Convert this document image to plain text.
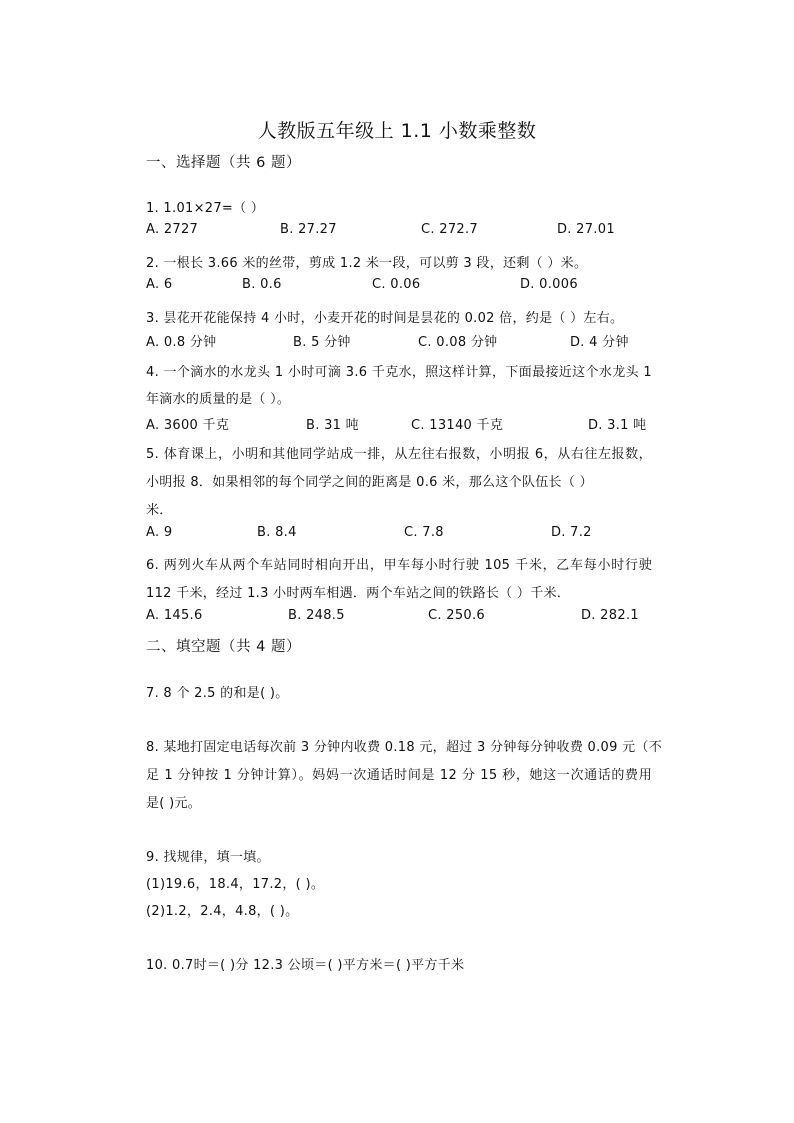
人教版五年级上 1.1 小数乘整数
一、选择题（共 6 题）
1. 1.01×27=（ ）
A. 2727	B. 27.27	C. 272.7	D. 27.01
2. 一根长 3.66 米的丝带，剪成 1.2 米一段，可以剪 3 段，还剩（ ）米。
A. 6	B. 0.6	C. 0.06	D. 0.006
3. 昙花开花能保持 4 小时，小麦开花的时间是昙花的 0.02 倍，约是（ ）左右。
A. 0.8 分钟	B. 5 分钟	C. 0.08 分钟	D. 4 分钟
4. 一个滴水的水龙头 1 小时可滴 3.6 千克水，照这样计算，下面最接近这个水龙头 1
年滴水的质量的是（ ）。
A. 3600 千克	B. 31 吨	C. 13140 千克	D. 3.1 吨
5. 体育课上，小明和其他同学站成一排，从左往右报数，小明报 6，从右往左报数，
小明报 8．如果相邻的每个同学之间的距离是 0.6 米，那么这个队伍长（ ）
米．
A. 9	B. 8.4	C. 7.8	D. 7.2
6. 两列火车从两个车站同时相向开出，甲车每小时行驶 105 千米，乙车每小时行驶
112 千米，经过 1.3 小时两车相遇．两个车站之间的铁路长（ ）千米．
A. 145.6	B. 248.5	C. 250.6	D. 282.1
二、填空题（共 4 题）
7. 8 个 2.5 的和是( )。
8. 某地打固定电话每次前 3 分钟内收费 0.18 元，超过 3 分钟每分钟收费 0.09 元（不
足 1 分钟按 1 分钟计算）。妈妈一次通话时间是 12 分 15 秒，她这一次通话的费用
是( )元。
9. 找规律，填一填。
(1)19.6，18.4，17.2，( )。
(2)1.2，2.4，4.8，( )。
10. 0.7时＝( )分 12.3 公顷＝( )平方米＝( )平方千米
